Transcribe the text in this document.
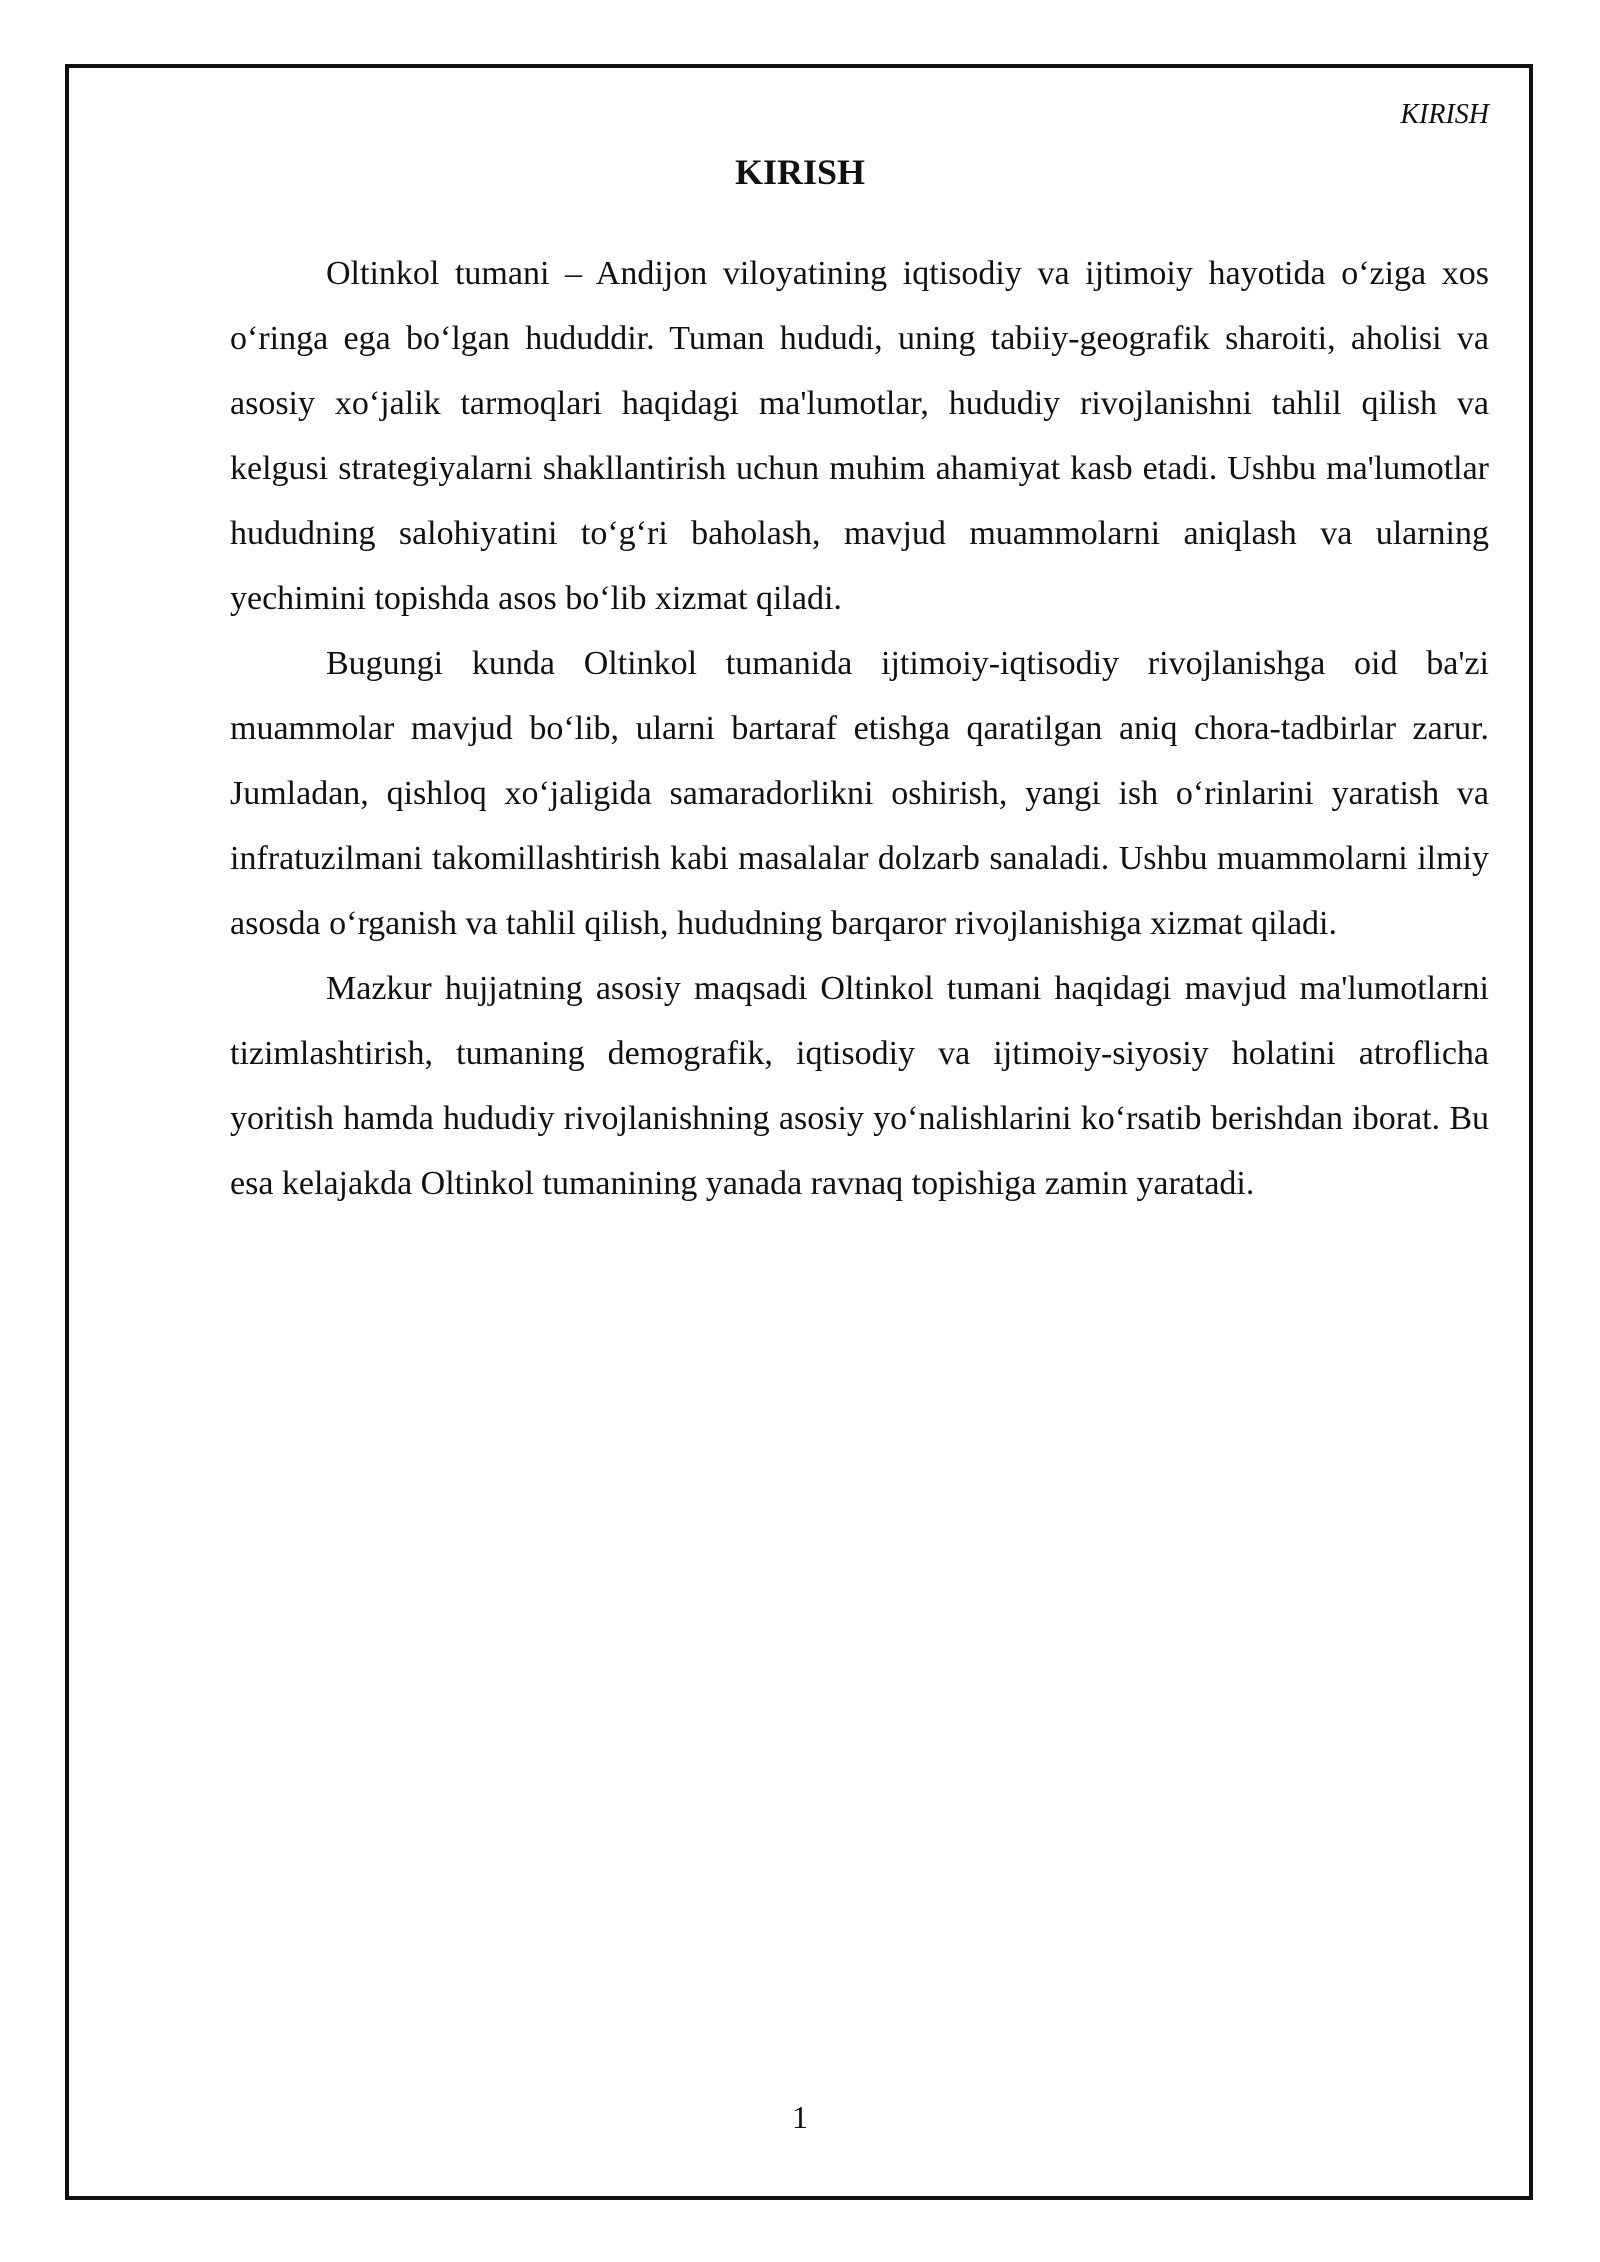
KIRISH
KIRISH

Oltinkol tumani – Andijon viloyatining iqtisodiy va ijtimoiy hayotida o‘ziga xos o‘ringa ega bo‘lgan hududdir. Tuman hududi, uning tabiiy-geografik sharoiti, aholisi va asosiy xo‘jalik tarmoqlari haqidagi ma'lumotlar, hududiy rivojlanishni tahlil qilish va kelgusi strategiyalarni shakllantirish uchun muhim ahamiyat kasb etadi. Ushbu ma'lumotlar hududning salohiyatini to‘g‘ri baholash, mavjud muammolarni aniqlash va ularning yechimini topishda asos bo‘lib xizmat qiladi.

Bugungi kunda Oltinkol tumanida ijtimoiy-iqtisodiy rivojlanishga oid ba'zi muammolar mavjud bo‘lib, ularni bartaraf etishga qaratilgan aniq chora-tadbirlar zarur. Jumladan, qishloq xo‘jaligida samaradorlikni oshirish, yangi ish o‘rinlarini yaratish va infratuzilmani takomillashtirish kabi masalalar dolzarb sanaladi. Ushbu muammolarni ilmiy asosda o‘rganish va tahlil qilish, hududning barqaror rivojlanishiga xizmat qiladi.

Mazkur hujjatning asosiy maqsadi Oltinkol tumani haqidagi mavjud ma'lumotlarni tizimlashtirish, tumaning demografik, iqtisodiy va ijtimoiy-siyosiy holatini atroflicha yoritish hamda hududiy rivojlanishning asosiy yo‘nalishlarini ko‘rsatib berishdan iborat. Bu esa kelajakda Oltinkol tumanining yanada ravnaq topishiga zamin yaratadi.

1
